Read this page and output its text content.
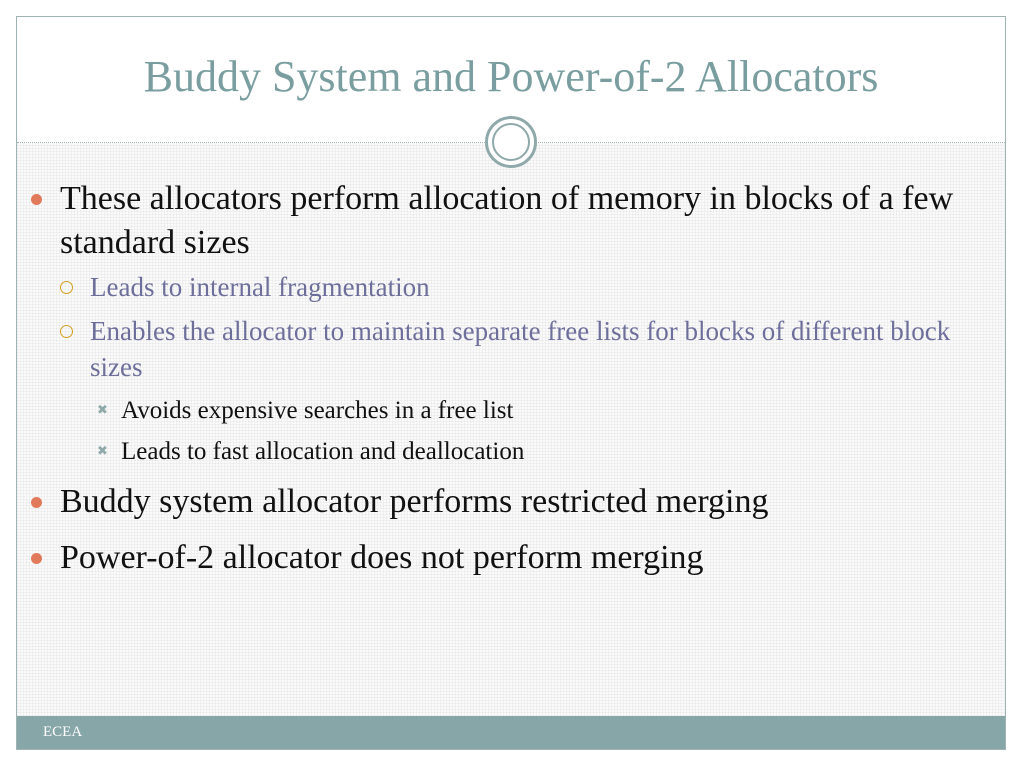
Buddy System and Power-of-2 Allocators
These allocators perform allocation of memory in blocks of a few standard sizes
Leads to internal fragmentation
Enables the allocator to maintain separate free lists for blocks of different block sizes
✖ Avoids expensive searches in a free list
✖ Leads to fast allocation and deallocation
Buddy system allocator performs restricted merging
Power-of-2 allocator does not perform merging
ECEA
